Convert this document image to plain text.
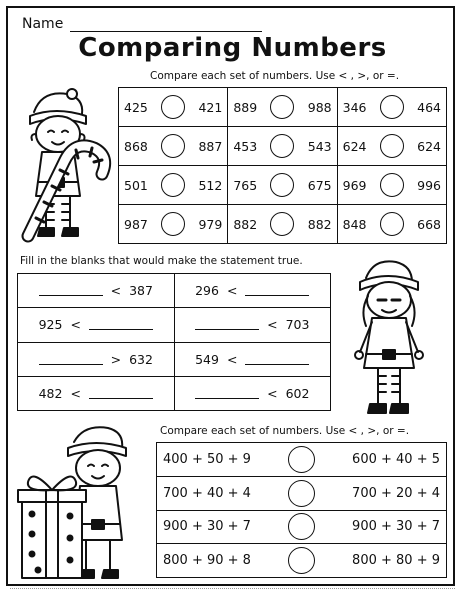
Name
Comparing Numbers
Compare each set of numbers. Use < , >, or =.
425 421	889 988	346 464

868 887	453 543	624 624

501 512	765 675	969 996

987 979	882 882	848 668
Fill in the blanks that would make the statement true.
< 387	296 <

925 <	< 703

> 632	549 <

482 <	< 602
Compare each set of numbers. Use < , >, or =.
400 + 50 + 9	600 + 40 + 5

700 + 40 + 4	700 + 20 + 4

900 + 30 + 7	900 + 30 + 7

800 + 90 + 8	800 + 80 + 9
